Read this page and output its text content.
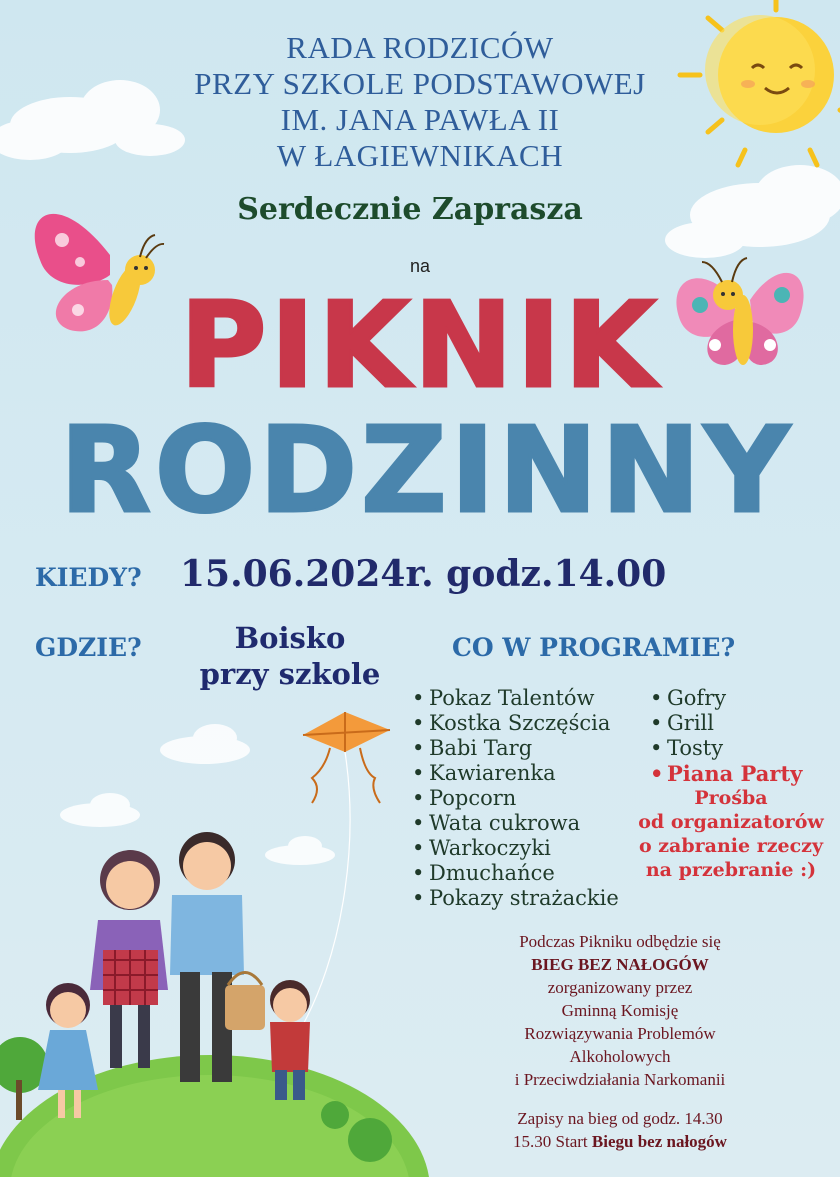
RADA RODZICÓW
PRZY SZKOLE PODSTAWOWEJ
IM. JANA PAWŁA II
W ŁAGIEWNIKACH
Serdecznie Zaprasza
na
PIKNIK
RODZINNY
KIEDY? 15.06.2024r. godz.14.00
GDZIE?	Boisko
przy szkole
CO W PROGRAMIE?
• Pokaz Talentów
• Kostka Szczęścia
• Babi Targ
• Kawiarenka
• Popcorn
• Wata cukrowa
• Warkoczyki
• Dmuchańce
• Pokazy strażackie
• Gofry
• Grill
• Tosty
• Piana Party
Prośba
od organizatorów
o zabranie rzeczy
na przebranie :)
Podczas Pikniku odbędzie się
BIEG BEZ NAŁOGÓW
zorganizowany przez
Gminną Komisję
Rozwiązywania Problemów
Alkoholowych
i Przeciwdziałania Narkomanii
Zapisy na bieg od godz. 14.30
15.30 Start Biegu bez nałogów
